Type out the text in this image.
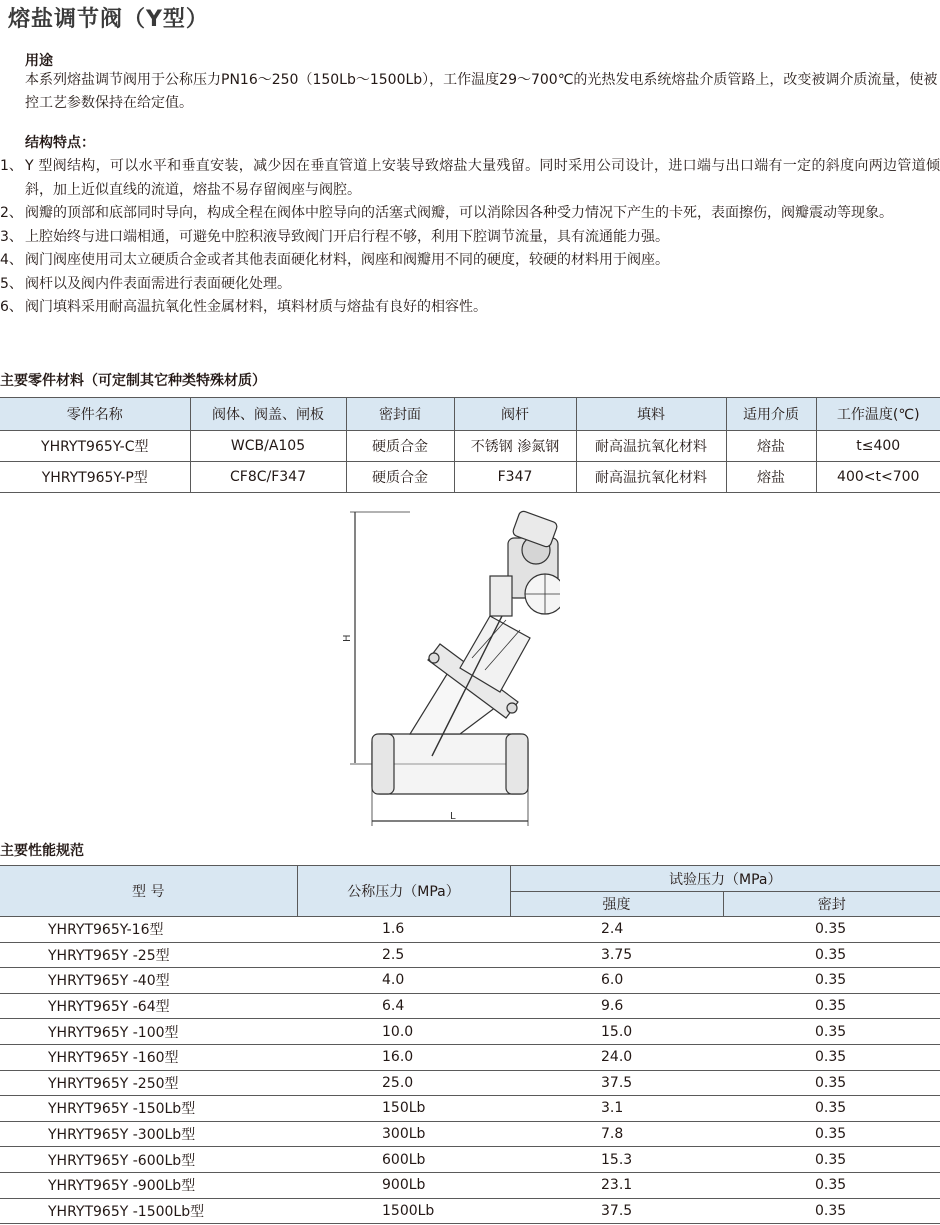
熔盐调节阀（Y型）
用途
本系列熔盐调节阀用于公称压力PN16～250（150Lb～1500Lb），工作温度29～700℃的光热发电系统熔盐介质管路上，改变被调介质流量，使被控工艺参数保持在给定值。
结构特点：
1、 Y 型阀结构，可以水平和垂直安装，减少因在垂直管道上安装导致熔盐大量残留。同时采用公司设计，进口端与出口端有一定的斜度向两边管道倾斜，加上近似直线的流道，熔盐不易存留阀座与阀腔。
2、 阀瓣的顶部和底部同时导向，构成全程在阀体中腔导向的活塞式阀瓣，可以消除因各种受力情况下产生的卡死，表面擦伤，阀瓣震动等现象。
3、 上腔始终与进口端相通，可避免中腔积液导致阀门开启行程不够，利用下腔调节流量，具有流通能力强。
4、 阀门阀座使用司太立硬质合金或者其他表面硬化材料，阀座和阀瓣用不同的硬度，较硬的材料用于阀座。
5、 阀杆以及阀内件表面需进行表面硬化处理。
6、 阀门填料采用耐高温抗氧化性金属材料，填料材质与熔盐有良好的相容性。
主要零件材料（可定制其它种类特殊材质）
零件名称	阀体、阀盖、闸板	密封面	阀杆	填料	适用介质	工作温度(℃)
YHRYT965Y-C型	WCB/A105	硬质合金	不锈钢 渗氮钢	耐高温抗氧化材料	熔盐	t≤400
YHRYT965Y-P型	CF8C/F347	硬质合金	F347	耐高温抗氧化材料	熔盐	400<t<700
H
L
主要性能规范
型 号	公称压力（MPa）	试验压力（MPa）	
		强度	密封
YHRYT965Y-16型	1.6	2.4	0.35
YHRYT965Y -25型	2.5	3.75	0.35
YHRYT965Y -40型	4.0	6.0	0.35
YHRYT965Y -64型	6.4	9.6	0.35
YHRYT965Y -100型	10.0	15.0	0.35
YHRYT965Y -160型	16.0	24.0	0.35
YHRYT965Y -250型	25.0	37.5	0.35
YHRYT965Y -150Lb型	150Lb	3.1	0.35
YHRYT965Y -300Lb型	300Lb	7.8	0.35
YHRYT965Y -600Lb型	600Lb	15.3	0.35
YHRYT965Y -900Lb型	900Lb	23.1	0.35
YHRYT965Y -1500Lb型	1500Lb	37.5	0.35
